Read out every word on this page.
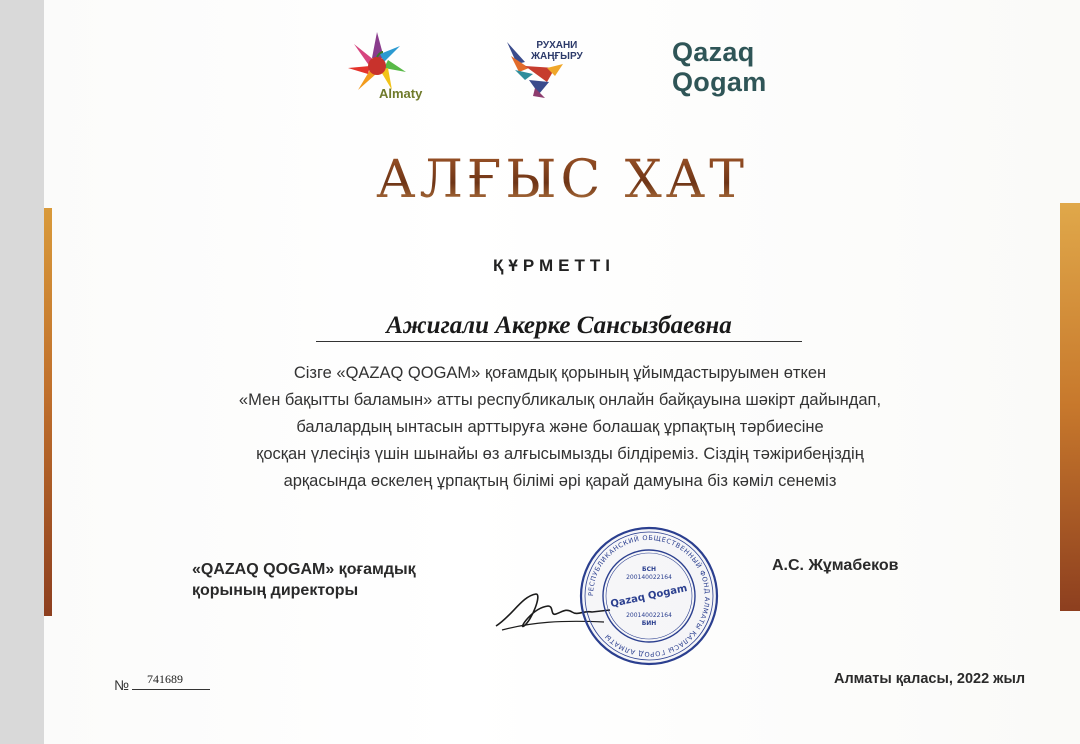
Almaty
РУХАНИ
ЖАҢҒЫРУ	Qazaq
Qogam
АЛҒЫС ХАТ
ҚҰРМЕТТІ
Ажигали Акерке Сансызбаевна
Сізге «QAZAQ QOGAM» қоғамдық қорының ұйымдастыруымен өткен
«Мен бақытты баламын» атты республикалық онлайн байқауына шәкірт дайындап,
балалардың ынтасын арттыруға және болашақ ұрпақтың тәрбиесіне
қосқан үлесіңіз үшін шынайы өз алғысымызды білдіреміз. Сіздің тәжірибеңіздің
арқасында өскелең ұрпақтың білімі әрі қарай дамуына біз кәміл сенеміз
«QAZAQ QOGAM» қоғамдық
қорының директоры
А.С. Жұмабеков
РЕСПУБЛИКАНСКИЙ ОБЩЕСТВЕННЫЙ ФОНД АЛМАТЫ ҚАЛАСЫ ГОРОД АЛМАТЫ
БСН
200140022164
Qazaq Qogam
200140022164
БИН
№ 741689	Алматы қаласы, 2022 жыл
